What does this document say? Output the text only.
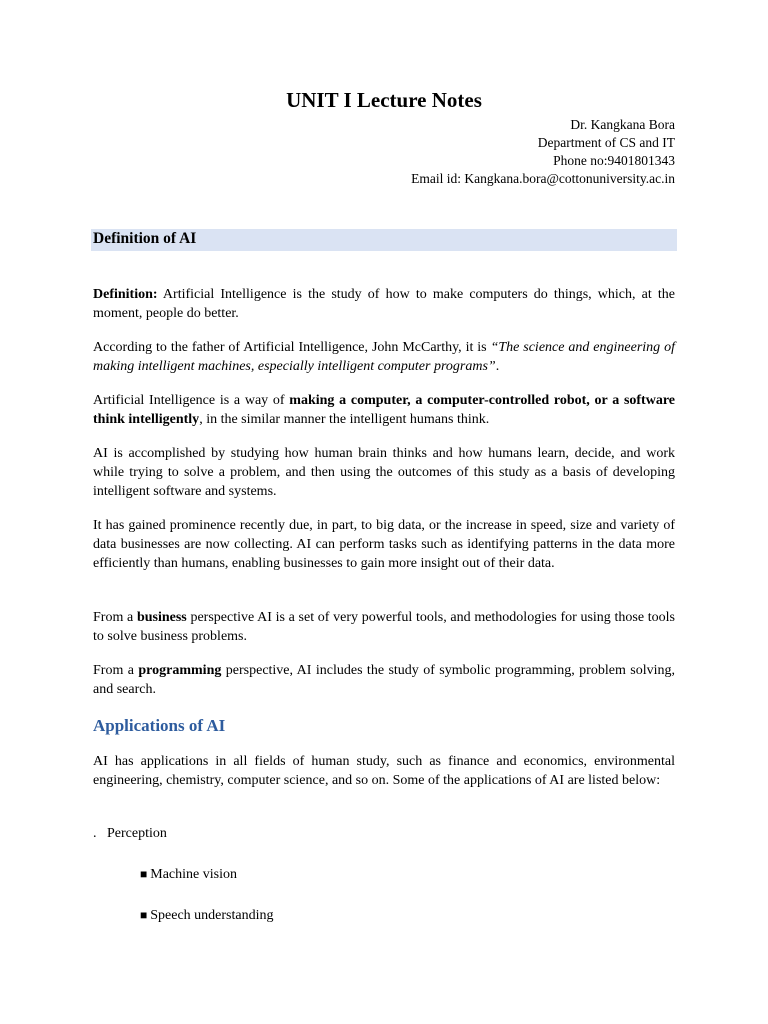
UNIT I Lecture Notes
Dr. Kangkana Bora
Department of CS and IT
Phone no:9401801343
Email id: Kangkana.bora@cottonuniversity.ac.in
Definition of AI

Definition: Artificial Intelligence is the study of how to make computers do things, which, at the moment, people do better.

According to the father of Artificial Intelligence, John McCarthy, it is “The science and engineering of making intelligent machines, especially intelligent computer programs”.

Artificial Intelligence is a way of making a computer, a computer-controlled robot, or a software think intelligently, in the similar manner the intelligent humans think.

AI is accomplished by studying how human brain thinks and how humans learn, decide, and work while trying to solve a problem, and then using the outcomes of this study as a basis of developing intelligent software and systems.

It has gained prominence recently due, in part, to big data, or the increase in speed, size and variety of data businesses are now collecting. AI can perform tasks such as identifying patterns in the data more efficiently than humans, enabling businesses to gain more insight out of their data.

From a business perspective AI is a set of very powerful tools, and methodologies for using those tools to solve business problems.

From a programming perspective, AI includes the study of symbolic programming, problem solving, and search.

Applications of AI

AI has applications in all fields of human study, such as finance and economics, environmental engineering, chemistry, computer science, and so on. Some of the applications of AI are listed below:

. Perception
■ Machine vision
■ Speech understanding
